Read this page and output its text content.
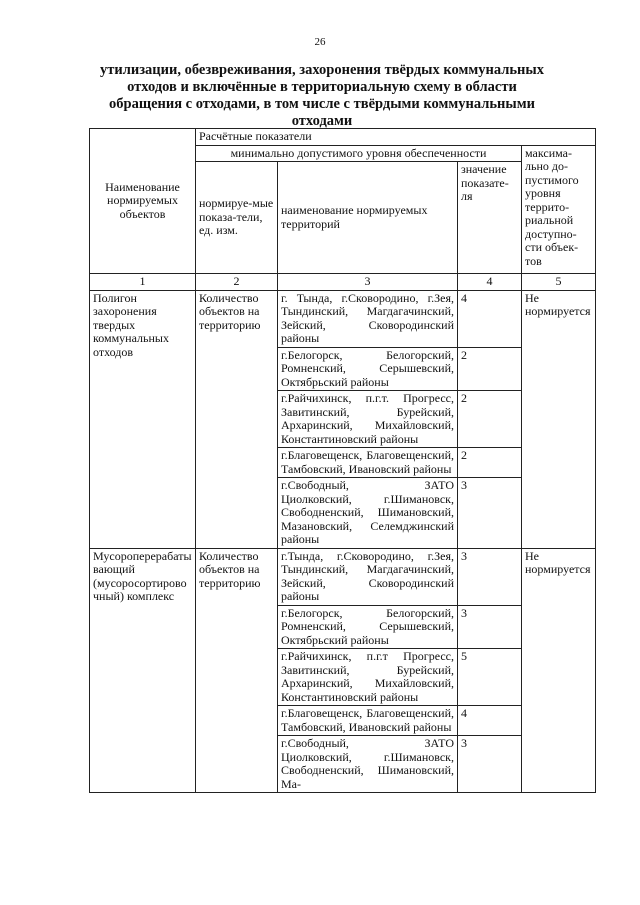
26
утилизации, обезвреживания, захоронения твёрдых коммунальных отходов и включённые в территориальную схему в области обращения с отходами, в том числе с твёрдыми коммунальными отходами
Наименование нормируемых объектов	Расчётные показатели			
	минимально допустимого уровня обеспеченности			максима-льно до-пустимого уровня террито-риальной доступно-сти объек-тов
	нормируе-мые показа-тели, ед. изм.	наименование нормируемых территорий	значение показате-ля	
1	2	3	4	5
Полигон захоронения твердых коммунальных отходов	Количество объектов на территорию	г. Тында, г.Сковородино, г.Зея, Тындинский, Магдагачинский, Зейский, Сковородинский районы	4	Не нормируется
		г.Белогорск, Белогорский, Ромненский, Серышевский, Октябрьский районы	2	
		г.Райчихинск, п.г.т. Прогресс, Завитинский, Бурейский, Архаринский, Михайловский, Константиновский районы	2	
		г.Благовещенск, Благовещенский, Тамбовский, Ивановский районы	2	
		г.Свободный, ЗАТО Циолковский, г.Шимановск, Свободненский, Шимановский, Мазановский, Селемджинский районы	3	
Мусороперерабатывающий (мусоросортировочный) комплекс	Количество объектов на территорию	г.Тында, г.Сковородино, г.Зея, Тындинский, Магдагачинский, Зейский, Сковородинский районы	3	Не нормируется
		г.Белогорск, Белогорский, Ромненский, Серышевский, Октябрьский районы	3	
		г.Райчихинск, п.г.т Прогресс, Завитинский, Бурейский, Архаринский, Михайловский, Константиновский районы	5	
		г.Благовещенск, Благовещенский, Тамбовский, Ивановский районы	4	
		г.Свободный, ЗАТО Циолковский, г.Шимановск, Свободненский, Шимановский, Ма-	3	
